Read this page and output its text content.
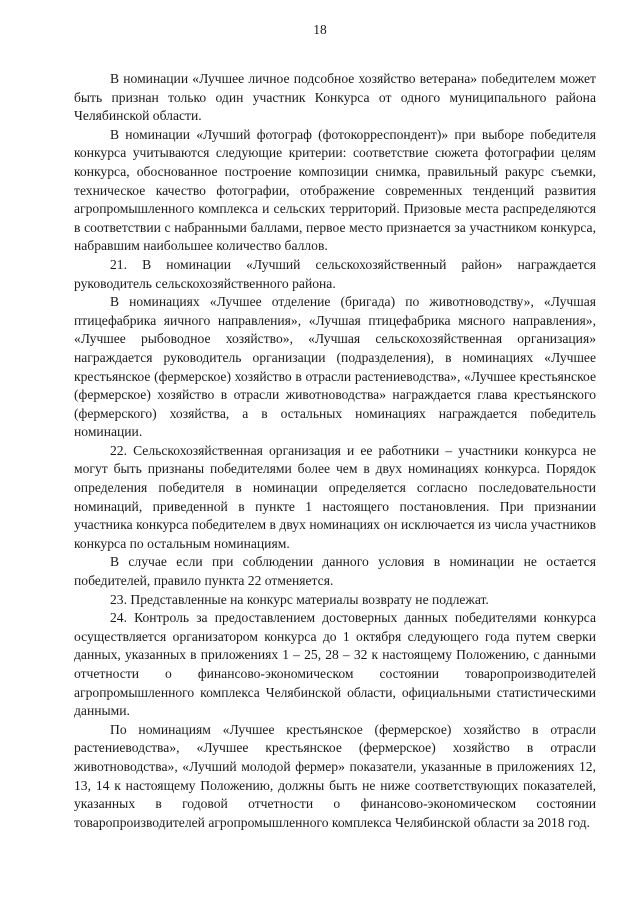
18

В номинации «Лучшее личное подсобное хозяйство ветерана» победителем может быть признан только один участник Конкурса от одного муниципального района Челябинской области.

В номинации «Лучший фотограф (фотокорреспондент)» при выборе победителя конкурса учитываются следующие критерии: соответствие сюжета фотографии целям конкурса, обоснованное построение композиции снимка, правильный ракурс съемки, техническое качество фотографии, отображение современных тенденций развития агропромышленного комплекса и сельских территорий. Призовые места распределяются в соответствии с набранными баллами, первое место признается за участником конкурса, набравшим наибольшее количество баллов.

21. В номинации «Лучший сельскохозяйственный район» награждается руководитель сельскохозяйственного района.

В номинациях «Лучшее отделение (бригада) по животноводству», «Лучшая птицефабрика яичного направления», «Лучшая птицефабрика мясного направления», «Лучшее рыбоводное хозяйство», «Лучшая сельскохозяйственная организация» награждается руководитель организации (подразделения), в номинациях «Лучшее крестьянское (фермерское) хозяйство в отрасли растениеводства», «Лучшее крестьянское (фермерское) хозяйство в отрасли животноводства» награждается глава крестьянского (фермерского) хозяйства, а в остальных номинациях награждается победитель номинации.

22. Сельскохозяйственная организация и ее работники – участники конкурса не могут быть признаны победителями более чем в двух номинациях конкурса. Порядок определения победителя в номинации определяется согласно последовательности номинаций, приведенной в пункте 1 настоящего постановления. При признании участника конкурса победителем в двух номинациях он исключается из числа участников конкурса по остальным номинациям.

В случае если при соблюдении данного условия в номинации не остается победителей, правило пункта 22 отменяется.

23. Представленные на конкурс материалы возврату не подлежат.

24. Контроль за предоставлением достоверных данных победителями конкурса осуществляется организатором конкурса до 1 октября следующего года путем сверки данных, указанных в приложениях 1 – 25, 28 – 32 к настоящему Положению, с данными отчетности о финансово-экономическом состоянии товаропроизводителей агропромышленного комплекса Челябинской области, официальными статистическими данными.

По номинациям «Лучшее крестьянское (фермерское) хозяйство в отрасли растениеводства», «Лучшее крестьянское (фермерское) хозяйство в отрасли животноводства», «Лучший молодой фермер» показатели, указанные в приложениях 12, 13, 14 к настоящему Положению, должны быть не ниже соответствующих показателей, указанных в годовой отчетности о финансово-экономическом состоянии товаропроизводителей агропромышленного комплекса Челябинской области за 2018 год.
